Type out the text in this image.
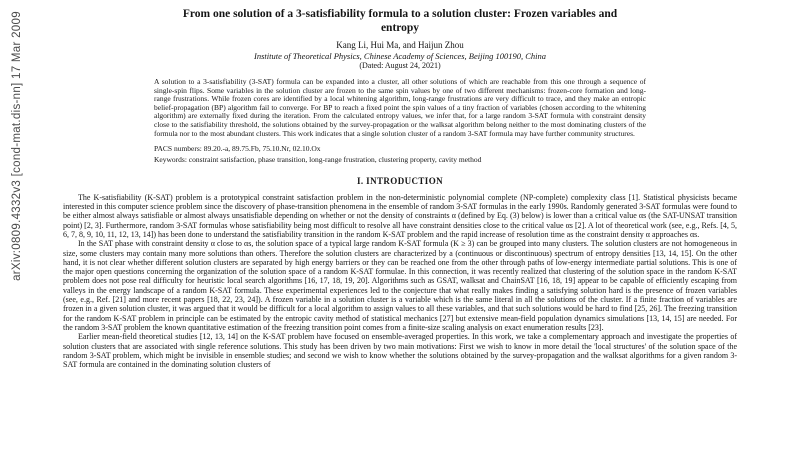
arXiv:0809.4332v3 [cond-mat.dis-nn] 17 Mar 2009	From one solution of a 3-satisfiability formula to a solution cluster: Frozen variables and entropy
Kang Li, Hui Ma, and Haijun Zhou
Institute of Theoretical Physics, Chinese Academy of Sciences, Beijing 100190, China
(Dated: August 24, 2021)
A solution to a 3-satisfiability (3-SAT) formula can be expanded into a cluster, all other solutions of which are reachable from this one through a sequence of single-spin flips. Some variables in the solution cluster are frozen to the same spin values by one of two different mechanisms: frozen-core formation and long-range frustrations. While frozen cores are identified by a local whitening algorithm, long-range frustrations are very difficult to trace, and they make an entropic belief-propagation (BP) algorithm fail to converge. For BP to reach a fixed point the spin values of a tiny fraction of variables (chosen according to the whitening algorithm) are externally fixed during the iteration. From the calculated entropy values, we infer that, for a large random 3-SAT formula with constraint density close to the satisfiability threshold, the solutions obtained by the survey-propagation or the walksat algorithm belong neither to the most dominating clusters of the formula nor to the most abundant clusters. This work indicates that a single solution cluster of a random 3-SAT formula may have further community structures.
PACS numbers: 89.20.-a, 89.75.Fb, 75.10.Nr, 02.10.Ox
Keywords: constraint satisfaction, phase transition, long-range frustration, clustering property, cavity method
I. INTRODUCTION

The K-satisfiability (K-SAT) problem is a prototypical constraint satisfaction problem in the non-deterministic polynomial complete (NP-complete) complexity class [1]. Statistical physicists became interested in this computer science problem since the discovery of phase-transition phenomena in the ensemble of random 3-SAT formulas in the early 1990s. Randomly generated 3-SAT formulas were found to be either almost always satisfiable or almost always unsatisfiable depending on whether or not the density of constraints α (defined by Eq. (3) below) is lower than a critical value αs (the SAT-UNSAT transition point) [2, 3]. Furthermore, random 3-SAT formulas whose satisfiability being most difficult to resolve all have constraint densities close to the critical value αs [2]. A lot of theoretical work (see, e.g., Refs. [4, 5, 6, 7, 8, 9, 10, 11, 12, 13, 14]) has been done to understand the satisfiability transition in the random K-SAT problem and the rapid increase of resolution time as the constraint density α approaches αs.

In the SAT phase with constraint density α close to αs, the solution space of a typical large random K-SAT formula (K ≥ 3) can be grouped into many clusters. The solution clusters are not homogeneous in size, some clusters may contain many more solutions than others. Therefore the solution clusters are characterized by a (continuous or discontinuous) spectrum of entropy densities [13, 14, 15]. On the other hand, it is not clear whether different solution clusters are separated by high energy barriers or they can be reached one from the other through paths of low-energy intermediate partial solutions. This is one of the major open questions concerning the organization of the solution space of a random K-SAT formulae. In this connection, it was recently realized that clustering of the solution space in the random K-SAT problem does not pose real difficulty for heuristic local search algorithms [16, 17, 18, 19, 20]. Algorithms such as GSAT, walksat and ChainSAT [16, 18, 19] appear to be capable of efficiently escaping from valleys in the energy landscape of a random K-SAT formula. These experimental experiences led to the conjecture that what really makes finding a satisfying solution hard is the presence of frozen variables (see, e.g., Ref. [21] and more recent papers [18, 22, 23, 24]). A frozen variable in a solution cluster is a variable which is the same literal in all the solutions of the cluster. If a finite fraction of variables are frozen in a given solution cluster, it was argued that it would be difficult for a local algorithm to assign values to all these variables, and that such solutions would be hard to find [25, 26]. The freezing transition for the random K-SAT problem in principle can be estimated by the entropic cavity method of statistical mechanics [27] but extensive mean-field population dynamics simulations [13, 14, 15] are needed. For the random 3-SAT problem the known quantitative estimation of the freezing transition point comes from a finite-size scaling analysis on exact enumeration results [23].

Earlier mean-field theoretical studies [12, 13, 14] on the K-SAT problem have focused on ensemble-averaged properties. In this work, we take a complementary approach and investigate the properties of solution clusters that are associated with single reference solutions. This study has been driven by two main motivations: First we wish to know in more detail the 'local structures' of the solution space of the random 3-SAT problem, which might be invisible in ensemble studies; and second we wish to know whether the solutions obtained by the survey-propagation and the walksat algorithms for a given random 3-SAT formula are contained in the dominating solution clusters of
